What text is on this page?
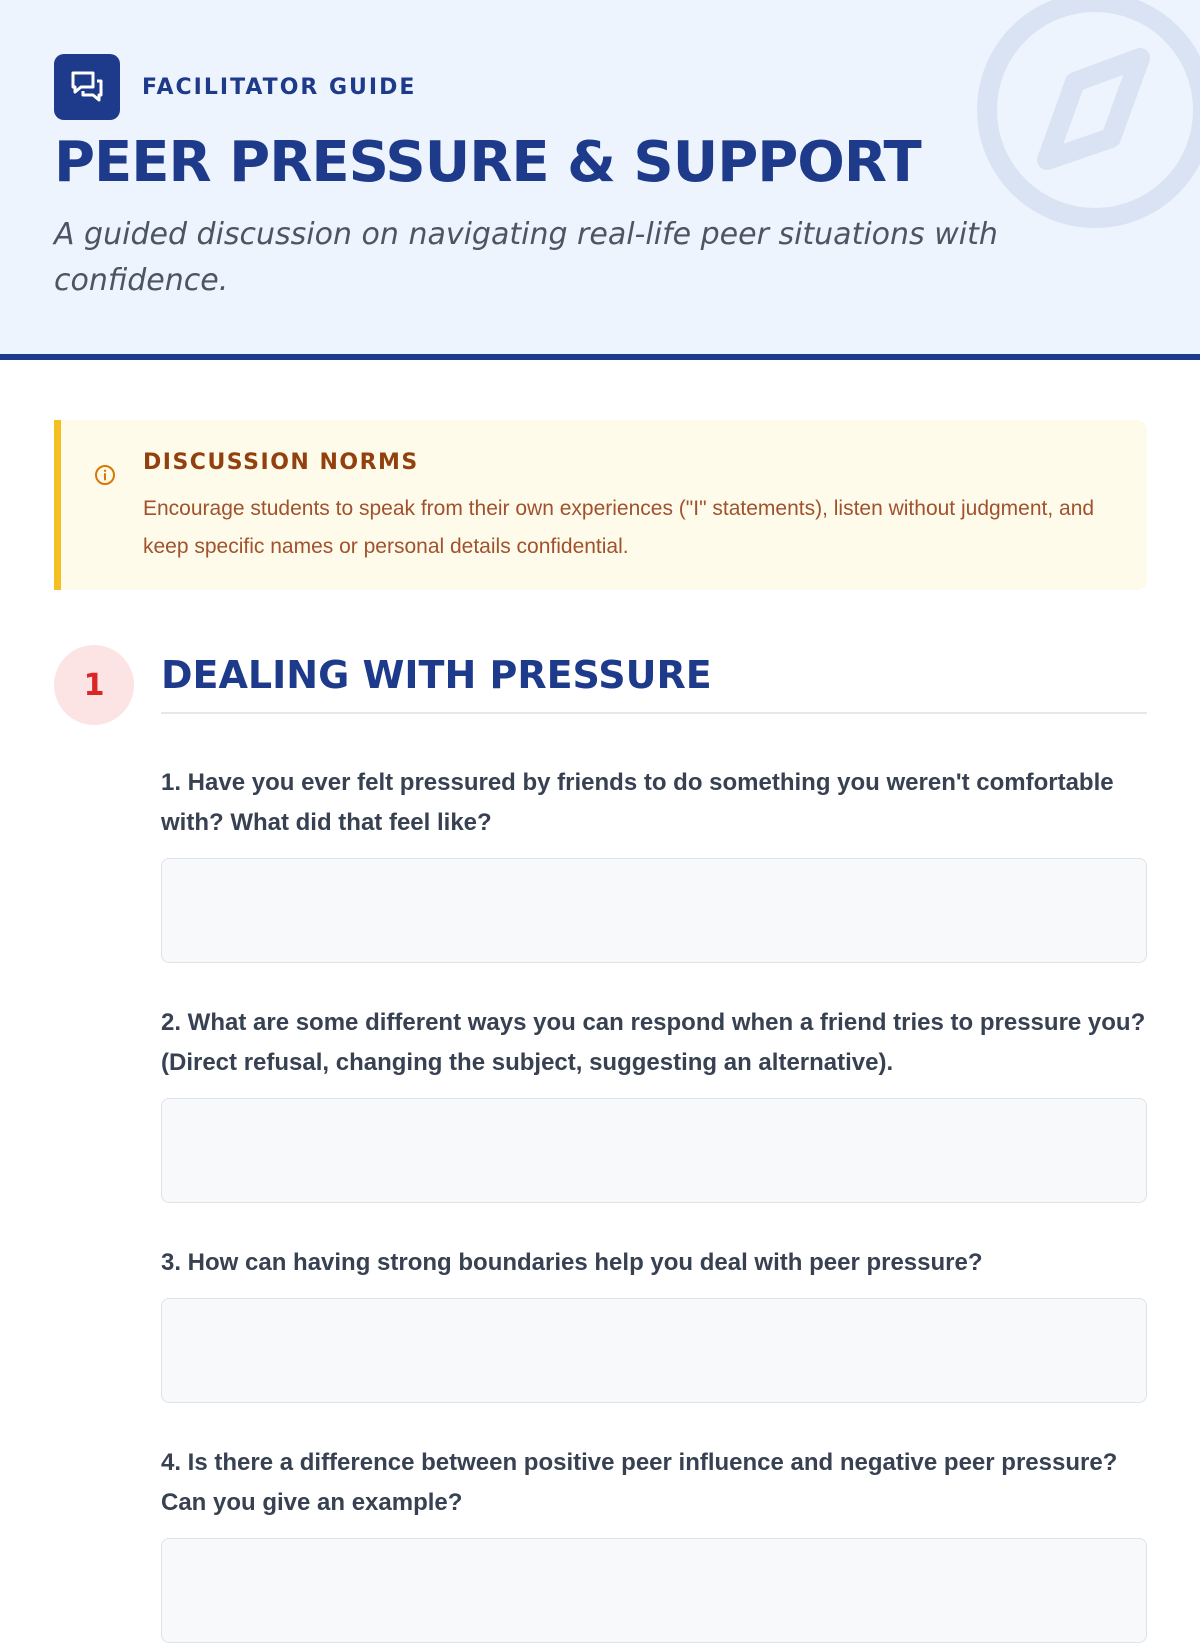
FACILITATOR GUIDE
PEER PRESSURE & SUPPORT

A guided discussion on navigating real-life peer situations with confidence.

DISCUSSION NORMS

Encourage students to speak from their own experiences ("I" statements), listen without judgment, and keep specific names or personal details confidential.

1	DEALING WITH PRESSURE

1. Have you ever felt pressured by friends to do something you weren't comfortable with? What did that feel like?

2. What are some different ways you can respond when a friend tries to pressure you? (Direct refusal, changing the subject, suggesting an alternative).

3. How can having strong boundaries help you deal with peer pressure?

4. Is there a difference between positive peer influence and negative peer pressure? Can you give an example?
